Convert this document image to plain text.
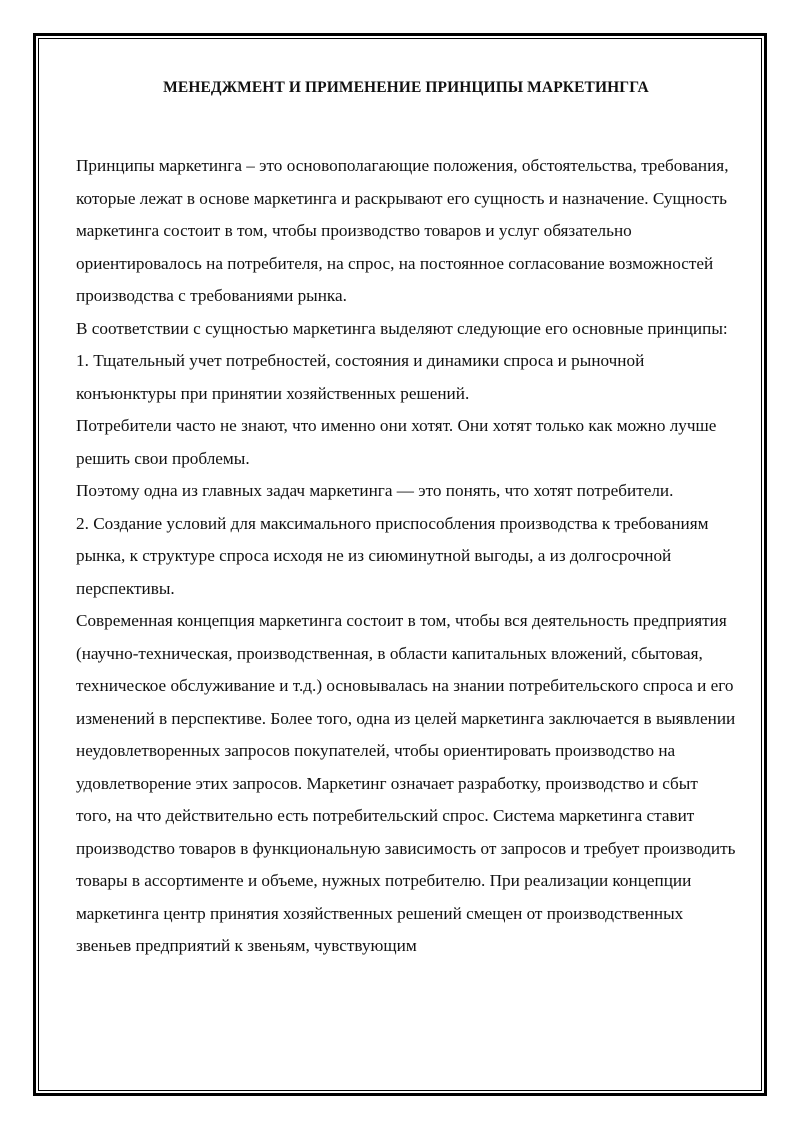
МЕНЕДЖМЕНТ И ПРИМЕНЕНИЕ ПРИНЦИПЫ МАРКЕТИНГГА

Принципы маркетинга – это основополагающие положения, обстоятельства, требования, которые лежат в основе маркетинга и раскрывают его сущность и назначение. Сущность маркетинга состоит в том, чтобы производство товаров и услуг обязательно ориентировалось на потребителя, на спрос, на постоянное согласование возможностей производства с требованиями рынка.

В соответствии с сущностью маркетинга выделяют следующие его основные принципы:

1. Тщательный учет потребностей, состояния и динамики спроса и рыночной конъюнктуры при принятии хозяйственных решений.

Потребители часто не знают, что именно они хотят. Они хотят только как можно лучше решить свои проблемы.

Поэтому одна из главных задач маркетинга — это понять, что хотят потребители.

2. Создание условий для максимального приспособления производства к требованиям рынка, к структуре спроса исходя не из сиюминутной выгоды, а из долгосрочной перспективы.

Современная концепция маркетинга состоит в том, чтобы вся деятельность предприятия (научно-техническая, производственная, в области капитальных вложений, сбытовая, техническое обслуживание и т.д.) основывалась на знании потребительского спроса и его изменений в перспективе. Более того, одна из целей маркетинга заключается в выявлении неудовлетворенных запросов покупателей, чтобы ориентировать производство на удовлетворение этих запросов. Маркетинг означает разработку, производство и сбыт того, на что действительно есть потребительский спрос. Система маркетинга ставит производство товаров в функциональную зависимость от запросов и требует производить товары в ассортименте и объеме, нужных потребителю. При реализации концепции маркетинга центр принятия хозяйственных решений смещен от производственных звеньев предприятий к звеньям, чувствующим
